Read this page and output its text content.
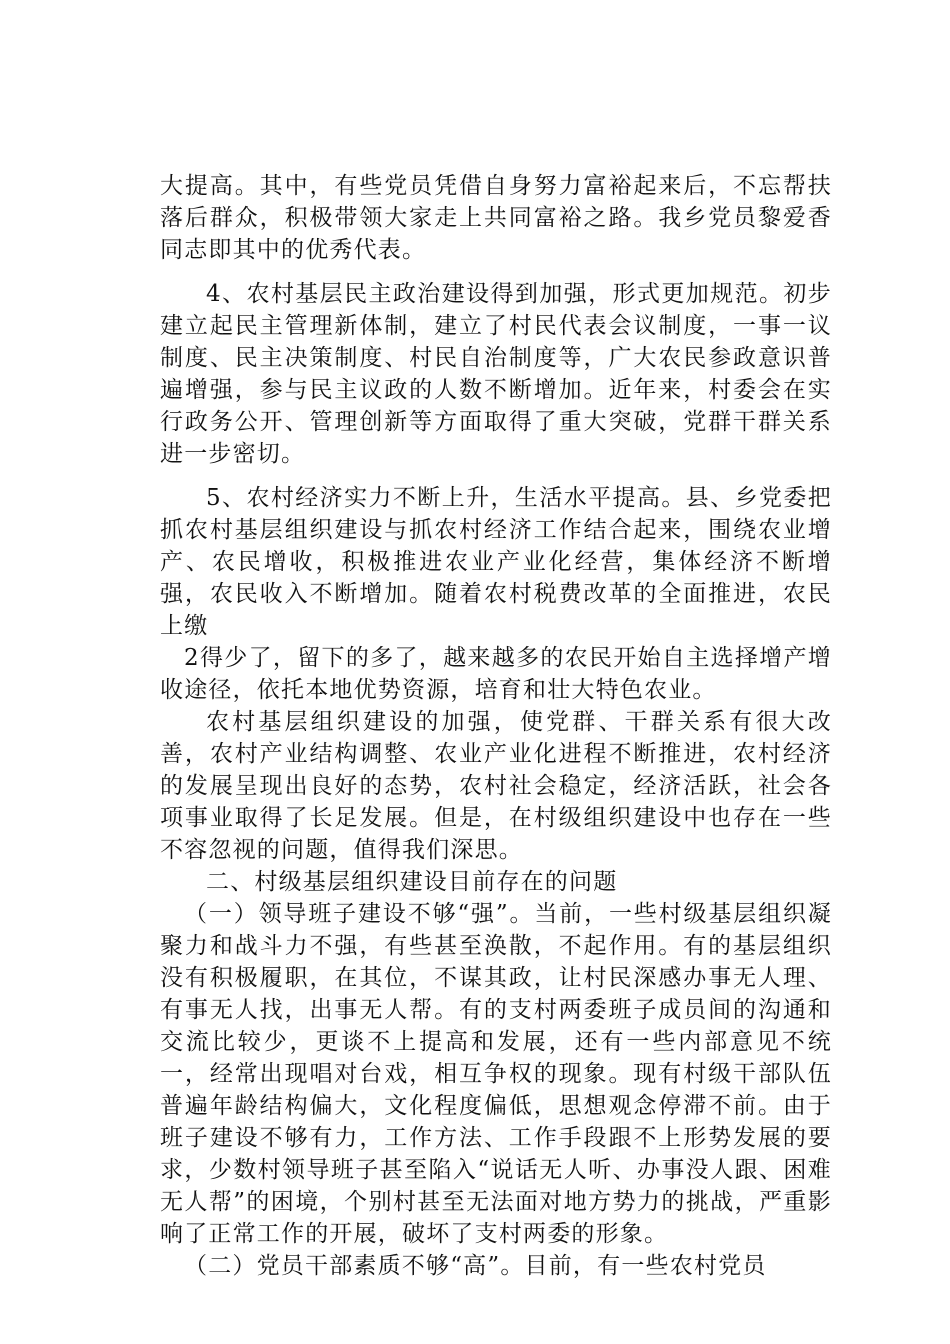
大提高。其中，有些党员凭借自身努力富裕起来后，不忘帮扶落后群众，积极带领大家走上共同富裕之路。我乡党员黎爱香同志即其中的优秀代表。

4、农村基层民主政治建设得到加强，形式更加规范。初步建立起民主管理新体制，建立了村民代表会议制度，一事一议制度、民主决策制度、村民自治制度等，广大农民参政意识普遍增强，参与民主议政的人数不断增加。近年来，村委会在实行政务公开、管理创新等方面取得了重大突破，党群干群关系进一步密切。

5、农村经济实力不断上升，生活水平提高。县、乡党委把抓农村基层组织建设与抓农村经济工作结合起来，围绕农业增产、农民增收，积极推进农业产业化经营，集体经济不断增强，农民收入不断增加。随着农村税费改革的全面推进，农民上缴

2得少了，留下的多了，越来越多的农民开始自主选择增产增收途径，依托本地优势资源，培育和壮大特色农业。

农村基层组织建设的加强，使党群、干群关系有很大改善，农村产业结构调整、农业产业化进程不断推进，农村经济的发展呈现出良好的态势，农村社会稳定，经济活跃，社会各项事业取得了长足发展。但是，在村级组织建设中也存在一些不容忽视的问题，值得我们深思。

二、村级基层组织建设目前存在的问题

（一）领导班子建设不够“强”。当前，一些村级基层组织凝聚力和战斗力不强，有些甚至涣散，不起作用。有的基层组织没有积极履职，在其位，不谋其政，让村民深感办事无人理、有事无人找，出事无人帮。有的支村两委班子成员间的沟通和交流比较少，更谈不上提高和发展，还有一些内部意见不统一，经常出现唱对台戏，相互争权的现象。现有村级干部队伍普遍年龄结构偏大，文化程度偏低，思想观念停滞不前。由于班子建设不够有力，工作方法、工作手段跟不上形势发展的要求，少数村领导班子甚至陷入“说话无人听、办事没人跟、困难无人帮”的困境，个别村甚至无法面对地方势力的挑战，严重影响了正常工作的开展，破坏了支村两委的形象。

（二）党员干部素质不够“高”。目前，有一些农村党员
